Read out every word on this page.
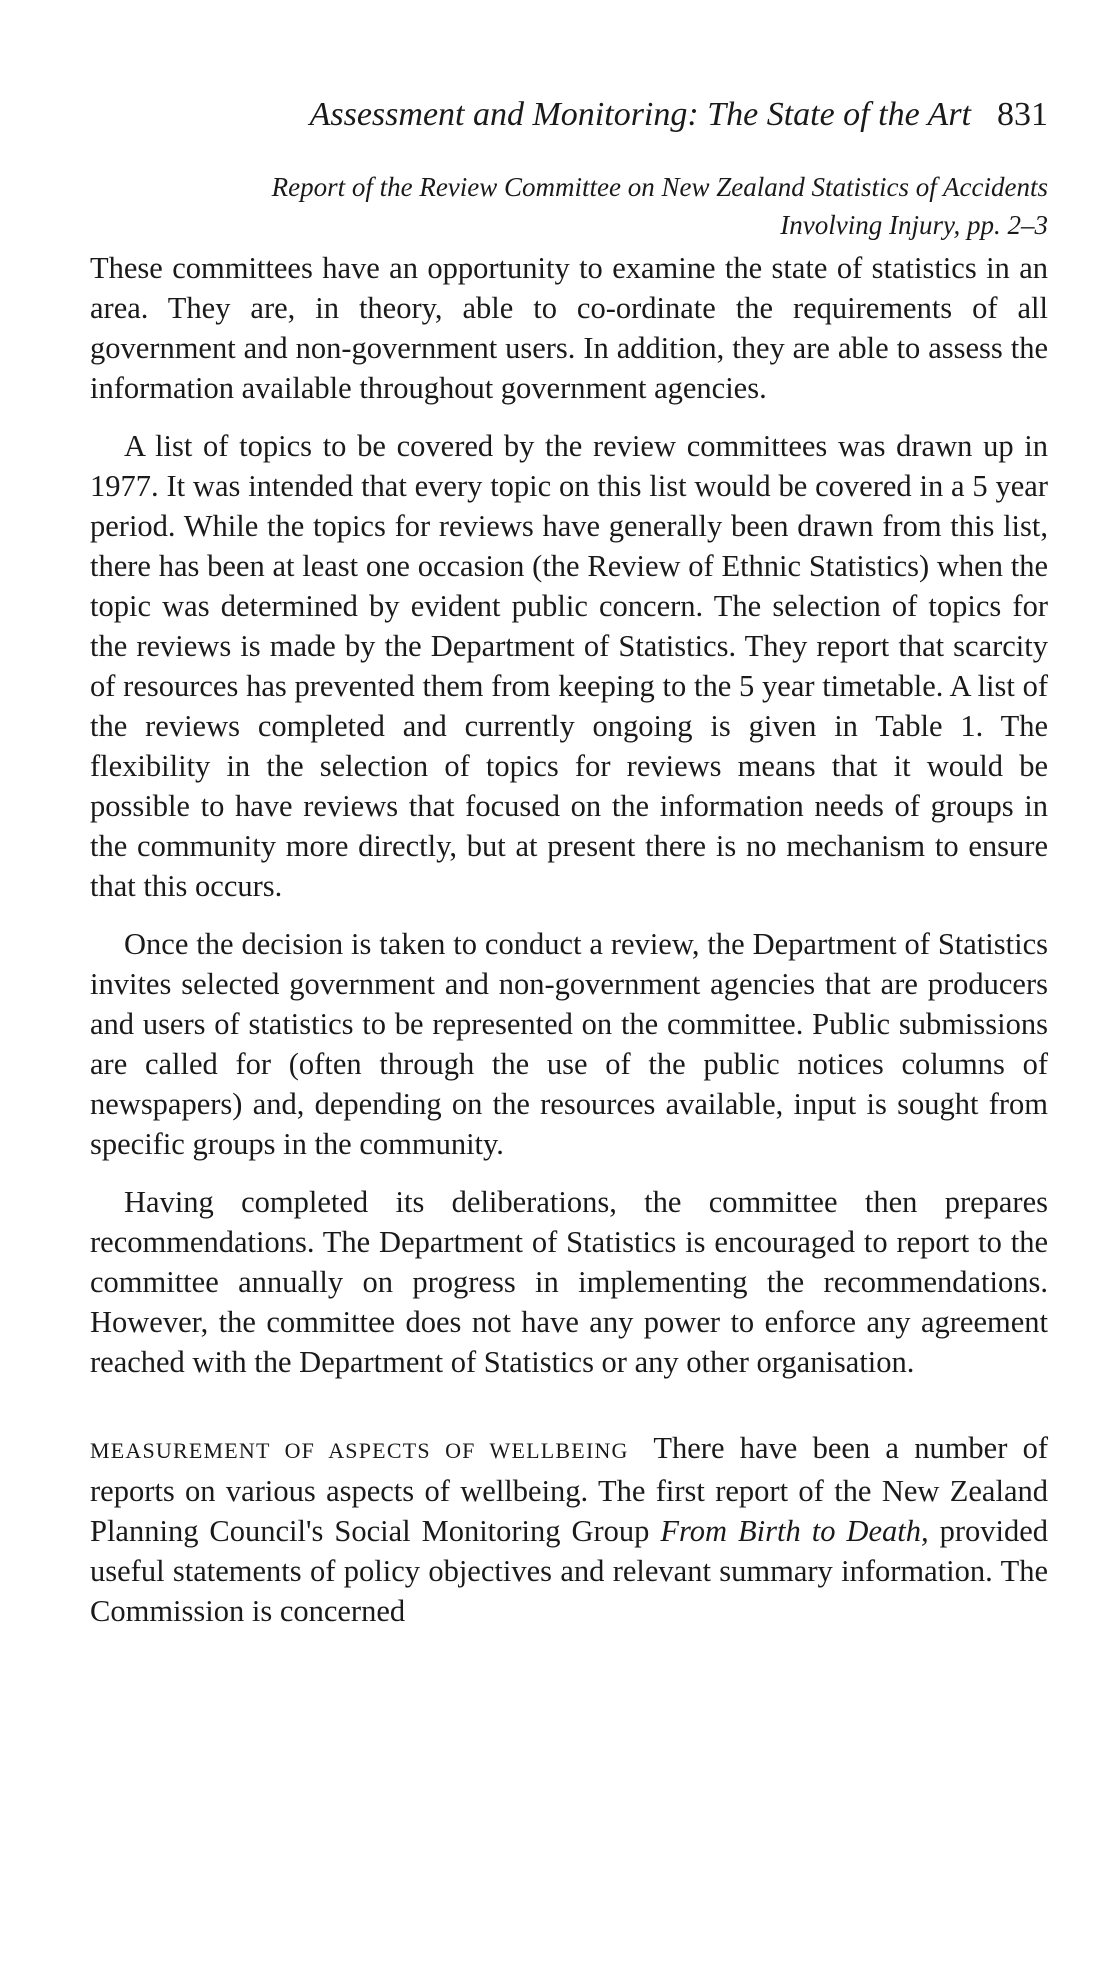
Assessment and Monitoring: The State of the Art 831
Report of the Review Committee on New Zealand Statistics of Accidents
Involving Injury, pp. 2–3

These committees have an opportunity to examine the state of statistics in an area. They are, in theory, able to co-ordinate the requirements of all government and non-government users. In addition, they are able to assess the information available throughout government agencies.

A list of topics to be covered by the review committees was drawn up in 1977. It was intended that every topic on this list would be covered in a 5 year period. While the topics for reviews have generally been drawn from this list, there has been at least one occasion (the Review of Ethnic Statistics) when the topic was determined by evident public concern. The selection of topics for the reviews is made by the Department of Statistics. They report that scarcity of resources has prevented them from keeping to the 5 year timetable. A list of the reviews completed and currently ongoing is given in Table 1. The flexibility in the selection of topics for reviews means that it would be possible to have reviews that focused on the information needs of groups in the community more directly, but at present there is no mechanism to ensure that this occurs.

Once the decision is taken to conduct a review, the Department of Statistics invites selected government and non-government agencies that are producers and users of statistics to be represented on the committee. Public submissions are called for (often through the use of the public notices columns of newspapers) and, depending on the resources available, input is sought from specific groups in the community.

Having completed its deliberations, the committee then prepares recommendations. The Department of Statistics is encouraged to report to the committee annually on progress in implementing the recommendations. However, the committee does not have any power to enforce any agreement reached with the Department of Statistics or any other organisation.

MEASUREMENT OF ASPECTS OF WELLBEING There have been a number of reports on various aspects of wellbeing. The first report of the New Zealand Planning Council's Social Monitoring Group From Birth to Death, provided useful statements of policy objectives and relevant summary information. The Commission is concerned
